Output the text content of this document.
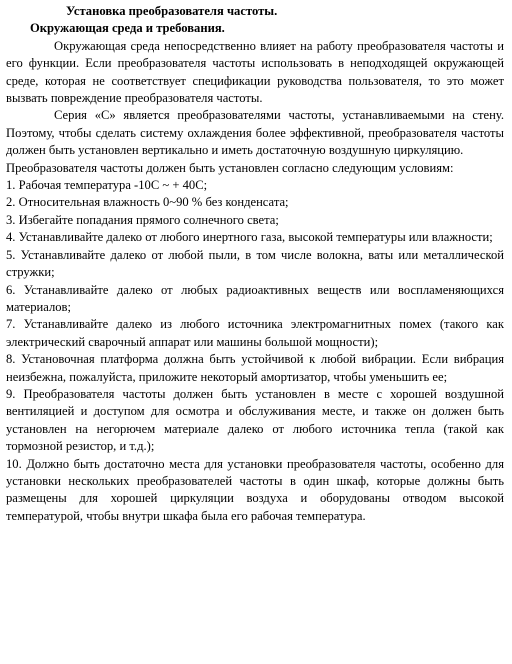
Установка преобразователя частоты.
Окружающая среда и требования.

Окружающая среда непосредственно влияет на работу преобразователя частоты и его функции. Если преобразователя частоты использовать в неподходящей окружающей среде, которая не соответствует спецификации руководства пользователя, то это может вызвать повреждение преобразователя частоты.

Серия «С» является преобразователями частоты, устанавливаемыми на стену. Поэтому, чтобы сделать систему охлаждения более эффективной, преобразователя частоты должен быть установлен вертикально и иметь достаточную воздушную циркуляцию.

Преобразователя частоты должен быть установлен согласно следующим условиям:

1. Рабочая температура -10С ~ + 40С;
2. Относительная влажность 0~90 % без конденсата;
3. Избегайте попадания прямого солнечного света;
4. Устанавливайте далеко от любого инертного газа, высокой температуры или влажности;
5. Устанавливайте далеко от любой пыли, в том числе волокна, ваты или металлической стружки;
6. Устанавливайте далеко от любых радиоактивных веществ или воспламеняющихся материалов;
7. Устанавливайте далеко из любого источника электромагнитных помех (такого как электрический сварочный аппарат или машины большой мощности);
8. Установочная платформа должна быть устойчивой к любой вибрации. Если вибрация неизбежна, пожалуйста, приложите некоторый амортизатор, чтобы уменьшить ее;
9. Преобразователя частоты должен быть установлен в месте с хорошей воздушной вентиляцией и доступом для осмотра и обслуживания месте, и также он должен быть установлен на негорючем материале далеко от любого источника тепла (такой как тормозной резистор, и т.д.);
10. Должно быть достаточно места для установки преобразователя частоты, особенно для установки нескольких преобразователей частоты в один шкаф, которые должны быть размещены для хорошей циркуляции воздуха и оборудованы отводом высокой температурой, чтобы внутри шкафа была его рабочая температура.
